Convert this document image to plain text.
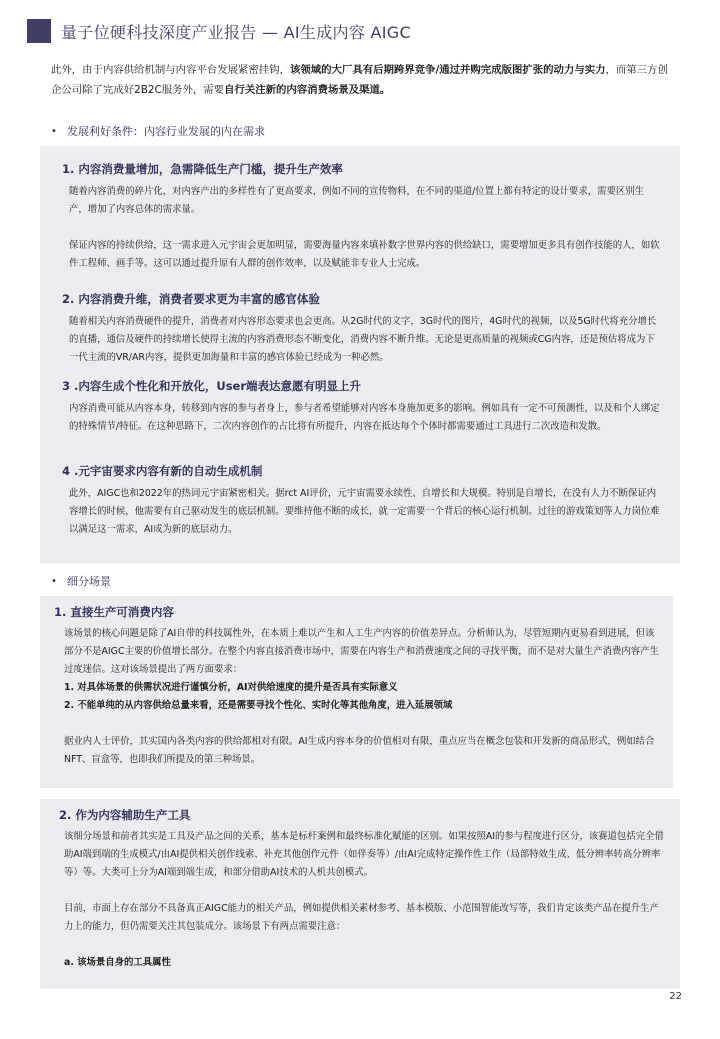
量子位硬科技深度产业报告 — AI生成内容 AIGC
此外，由于内容供给机制与内容平台发展紧密挂钩，该领域的大厂具有后期跨界竞争/通过并购完成版图扩张的动力与实力，而第三方创企公司除了完成好2B2C服务外，需要自行关注新的内容消费场景及渠道。
• 发展利好条件：内容行业发展的内在需求
1. 内容消费量增加，急需降低生产门槛，提升生产效率
随着内容消费的碎片化，对内容产出的多样性有了更高要求，例如不同的宣传物料，在不同的渠道/位置上都有特定的设计要求，需要区别生产，增加了内容总体的需求量。
保证内容的持续供给，这一需求进入元宇宙会更加明显，需要海量内容来填补数字世界内容的供给缺口，需要增加更多具有创作技能的人，如软件工程师、画手等。这可以通过提升原有人群的创作效率，以及赋能非专业人士完成。
2. 内容消费升维，消费者要求更为丰富的感官体验
随着相关内容消费硬件的提升，消费者对内容形态要求也会更高。从2G时代的文字，3G时代的图片，4G时代的视频，以及5G时代将充分增长的直播，通信及硬件的持续增长使得主流的内容消费形态不断变化，消费内容不断升维。无论是更高质量的视频或CG内容，还是预估将成为下一代主流的VR/AR内容，提供更加海量和丰富的感官体验已经成为一种必然。
3 .内容生成个性化和开放化，User端表达意愿有明显上升
内容消费可能从内容本身，转移到内容的参与者身上，参与者希望能够对内容本身施加更多的影响。例如具有一定不可预测性，以及和个人绑定的特殊情节/特征。在这种思路下，二次内容创作的占比将有所提升，内容在抵达每个个体时都需要通过工具进行二次改造和发散。
4 .元宇宙要求内容有新的自动生成机制
此外，AIGC也和2022年的热词元宇宙紧密相关。据rct AI评价，元宇宙需要永续性、自增长和大规模。特别是自增长，在没有人力不断保证内容增长的时候，他需要有自己驱动发生的底层机制。要维持他不断的成长，就一定需要一个背后的核心运行机制。过往的游戏策划等人力岗位难以满足这一需求，AI成为新的底层动力。
• 细分场景
1. 直接生产可消费内容
该场景的核心问题是除了AI自带的科技属性外，在本质上难以产生和人工生产内容的价值差异点。分析师认为，尽管短期内更易看到进展，但该部分不是AIGC主要的价值增长部分。在整个内容直接消费市场中，需要在内容生产和消费速度之间的寻找平衡，而不是对大量生产消费内容产生过度迷信。这对该场景提出了两方面要求：
1. 对具体场景的供需状况进行谨慎分析，AI对供给速度的提升是否具有实际意义
2. 不能单纯的从内容供给总量来看，还是需要寻找个性化、实时化等其他角度，进入延展领域
据业内人士评价，其实国内各类内容的供给都相对有限。AI生成内容本身的价值相对有限，重点应当在概念包装和开发新的商品形式，例如结合NFT、盲盒等，也即我们所提及的第三种场景。
2. 作为内容辅助生产工具
该细分场景和前者其实是工具及产品之间的关系，基本是标杆案例和最终标准化赋能的区别。如果按照AI的参与程度进行区分，该赛道包括完全借助AI端到端的生成模式/由AI提供相关创作线索、补充其他创作元件（如伴奏等）/由AI完成特定操作性工作（局部特效生成、低分辨率转高分辨率等）等。大类可上分为AI端到端生成，和部分借助AI技术的人机共创模式。
目前，市面上存在部分不具备真正AIGC能力的相关产品，例如提供相关素材参考、基本模版、小范围智能改写等，我们肯定该类产品在提升生产力上的能力，但仍需要关注其包装成分。该场景下有两点需要注意：
a. 该场景自身的工具属性
22
